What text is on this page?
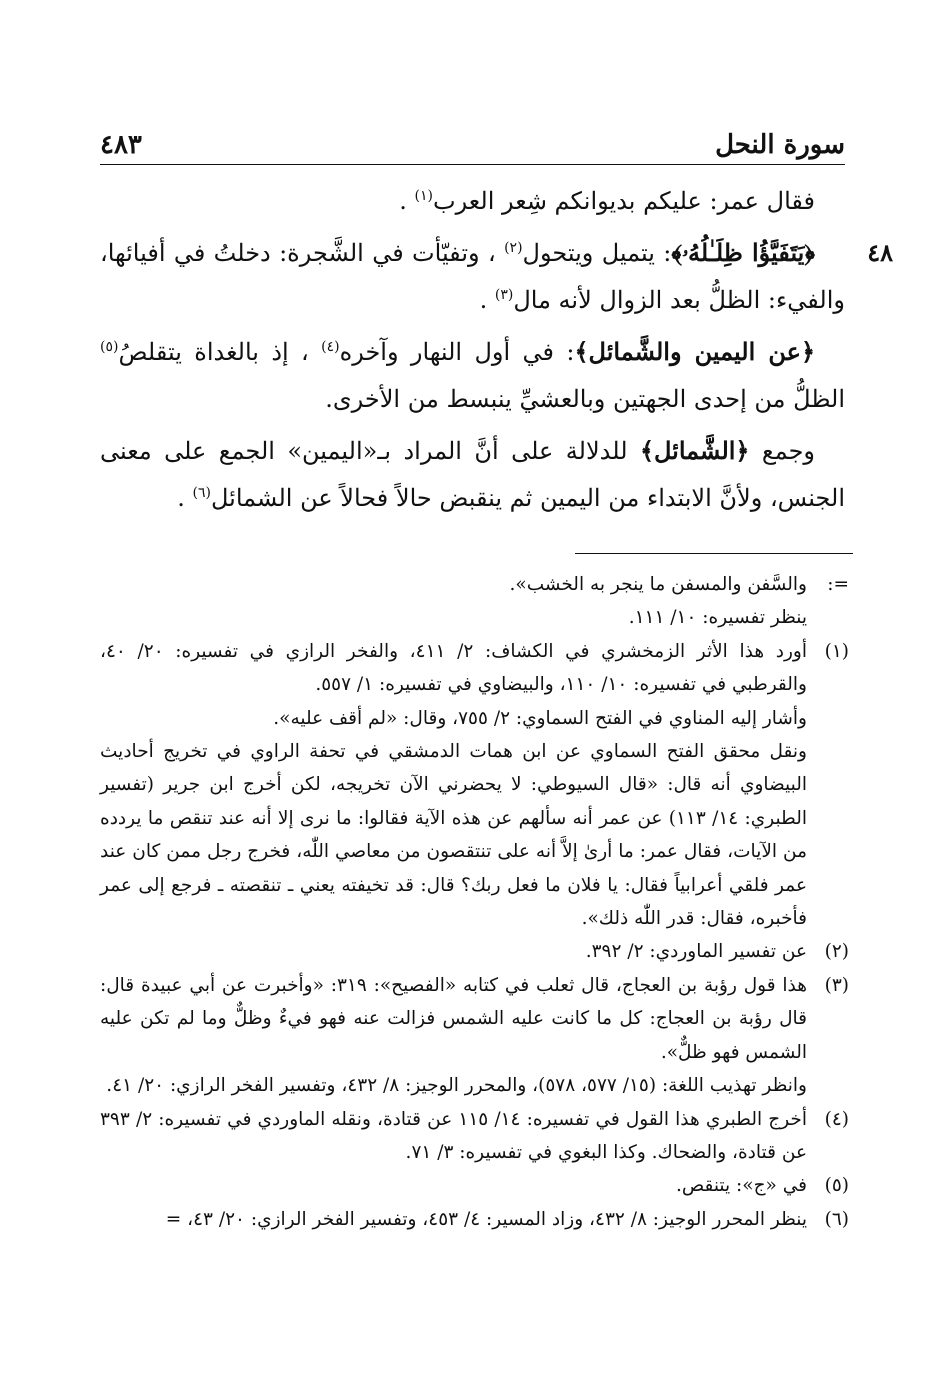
٤٨٣	سورة النحل

فقال عمر: عليكم بديوانكم شِعر العرب$^{(١)}$ .

٤٨
﴿يَتَفَيَّؤُا ظِلَـٰلُهُۥ﴾: يتميل ويتحول$^{(٢)}$ ، وتفيّأت في الشَّجرة: دخلتُ في أفيائها، والفيء: الظلُّ بعد الزوال لأنه مال$^{(٣)}$ .

﴿عن اليمين والشَّمائل﴾: في أول النهار وآخره$^{(٤)}$ ، إذ بالغداة يتقلصُ$^{(٥)}$ الظلُّ من إحدى الجهتين وبالعشيِّ ينبسط من الأخرى.

وجمع ﴿الشَّمائل﴾ للدلالة على أنَّ المراد بـ«اليمين» الجمع على معنى الجنس، ولأنَّ الابتداء من اليمين ثم ينقبض حالاً فحالاً عن الشمائل$^{(٦)}$ .

=:

والسَّفن والمسفن ما ينجر به الخشب».

ينظر تفسيره: ١٠/ ١١١.

(١)

أورد هذا الأثر الزمخشري في الكشاف: ٢/ ٤١١، والفخر الرازي في تفسيره: ٢٠/ ٤٠، والقرطبي في تفسيره: ١٠/ ١١٠، والبيضاوي في تفسيره: ١/ ٥٥٧.

وأشار إليه المناوي في الفتح السماوي: ٢/ ٧٥٥، وقال: «لم أقف عليه».

ونقل محقق الفتح السماوي عن ابن همات الدمشقي في تحفة الراوي في تخريج أحاديث البيضاوي أنه قال: «قال السيوطي: لا يحضرني الآن تخريجه، لكن أخرج ابن جرير (تفسير الطبري: ١٤/ ١١٣) عن عمر أنه سألهم عن هذه الآية فقالوا: ما نرى إلا أنه عند تنقص ما يردده من الآيات، فقال عمر: ما أرىٰ إلاَّ أنه على تنتقصون من معاصي اللّٰه، فخرج رجل ممن كان عند عمر فلقي أعرابياً فقال: يا فلان ما فعل ربك؟ قال: قد تخيفته يعني ـ تنقصته ـ فرجع إلى عمر فأخبره، فقال: قدر اللّٰه ذلك».

(٢)

عن تفسير الماوردي: ٢/ ٣٩٢.

(٣)

هذا قول رؤبة بن العجاج، قال ثعلب في كتابه «الفصيح»: ٣١٩: «وأخبرت عن أبي عبيدة قال: قال رؤبة بن العجاج: كل ما كانت عليه الشمس فزالت عنه فهو فيءٌ وظلٌّ وما لم تكن عليه الشمس فهو ظلٌّ».

وانظر تهذيب اللغة: (١٥/ ٥٧٧، ٥٧٨)، والمحرر الوجيز: ٨/ ٤٣٢، وتفسير الفخر الرازي: ٢٠/ ٤١.

(٤)

أخرج الطبري هذا القول في تفسيره: ١٤/ ١١٥ عن قتادة، ونقله الماوردي في تفسيره: ٢/ ٣٩٣ عن قتادة، والضحاك. وكذا البغوي في تفسيره: ٣/ ٧١.

(٥)

في «ج»: يتنقص.

(٦)

ينظر المحرر الوجيز: ٨/ ٤٣٢، وزاد المسير: ٤/ ٤٥٣، وتفسير الفخر الرازي: ٢٠/ ٤٣، =
